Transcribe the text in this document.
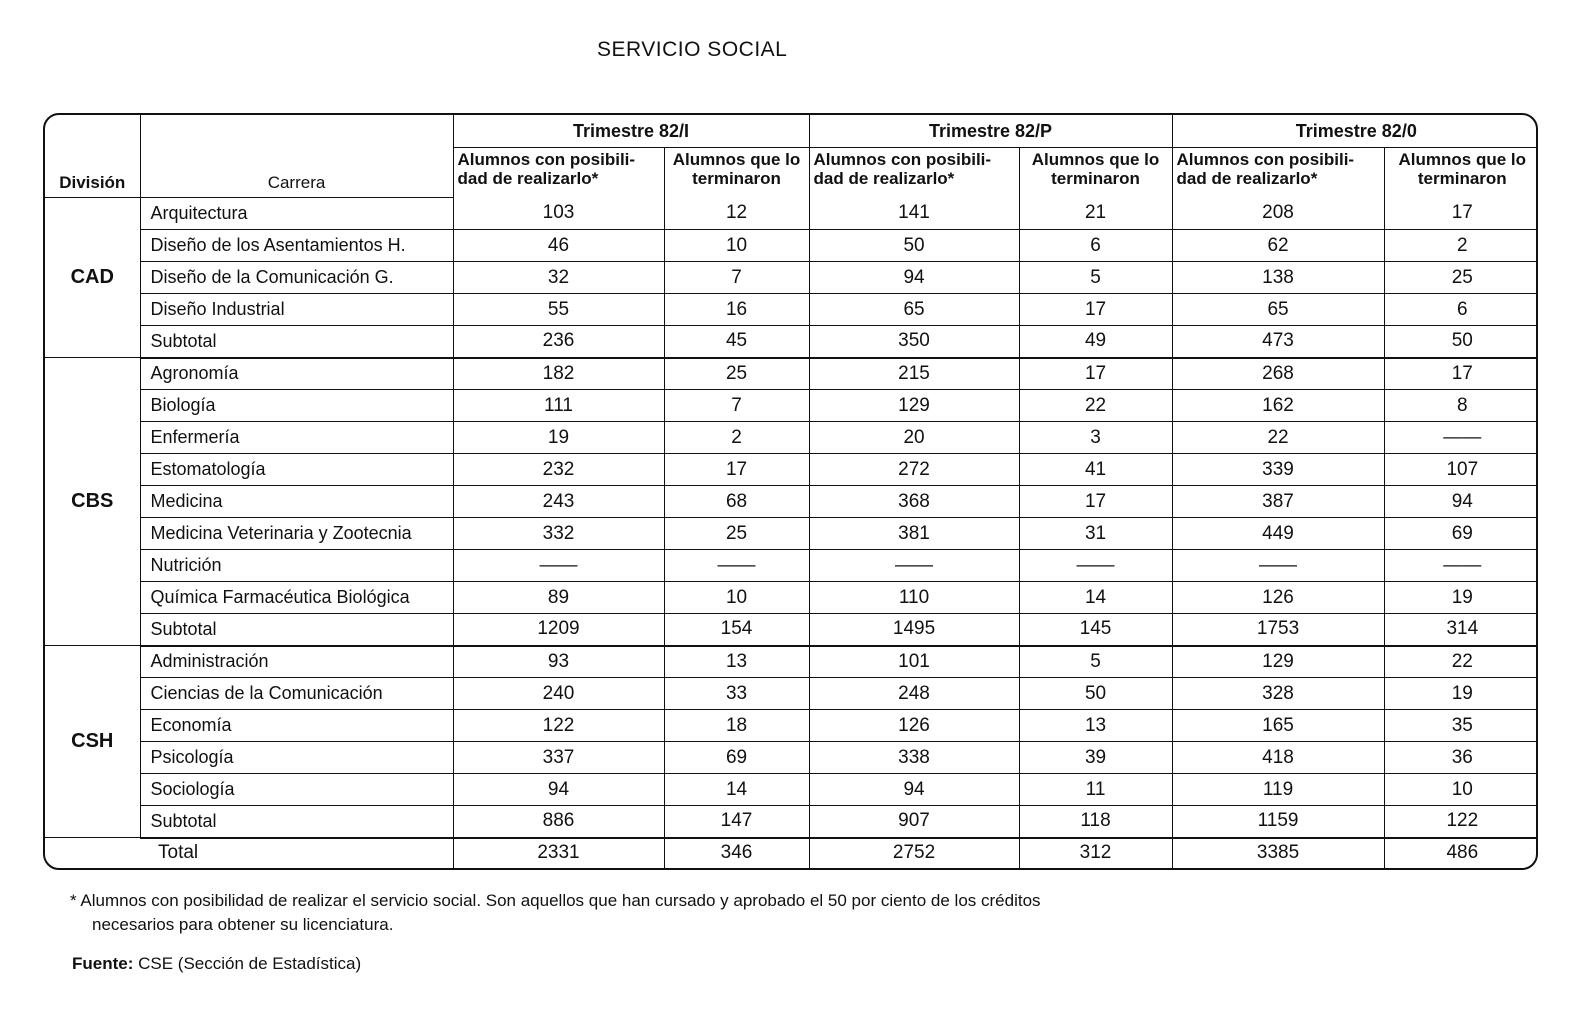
SERVICIO SOCIAL
División	Carrera	Trimestre 82/I		Trimestre 82/P		Trimestre 82/0	
		Alumnos con posibili-dad de realizarlo*	Alumnos que lo terminaron	Alumnos con posibili-dad de realizarlo*	Alumnos que lo terminaron	Alumnos con posibili-dad de realizarlo*	Alumnos que lo terminaron
CAD	Arquitectura	103	12	141	21	208	17
	Diseño de los Asentamientos H.	46	10	50	6	62	2
	Diseño de la Comunicación G.	32	7	94	5	138	25
	Diseño Industrial	55	16	65	17	65	6
	Subtotal	236	45	350	49	473	50
CBS	Agronomía	182	25	215	17	268	17
	Biología	111	7	129	22	162	8
	Enfermería	19	2	20	3	22	——
	Estomatología	232	17	272	41	339	107
	Medicina	243	68	368	17	387	94
	Medicina Veterinaria y Zootecnia	332	25	381	31	449	69
	Nutrición	——	——	——	——	——	——
	Química Farmacéutica Biológica	89	10	110	14	126	19
	Subtotal	1209	154	1495	145	1753	314
CSH	Administración	93	13	101	5	129	22
	Ciencias de la Comunicación	240	33	248	50	328	19
	Economía	122	18	126	13	165	35
	Psicología	337	69	338	39	418	36
	Sociología	94	14	94	11	119	10
	Subtotal	886	147	907	118	1159	122
Total		2331	346	2752	312	3385	486
* Alumnos con posibilidad de realizar el servicio social. Son aquellos que han cursado y aprobado el 50 por ciento de los créditos
necesarios para obtener su licenciatura.
Fuente: CSE (Sección de Estadística)
